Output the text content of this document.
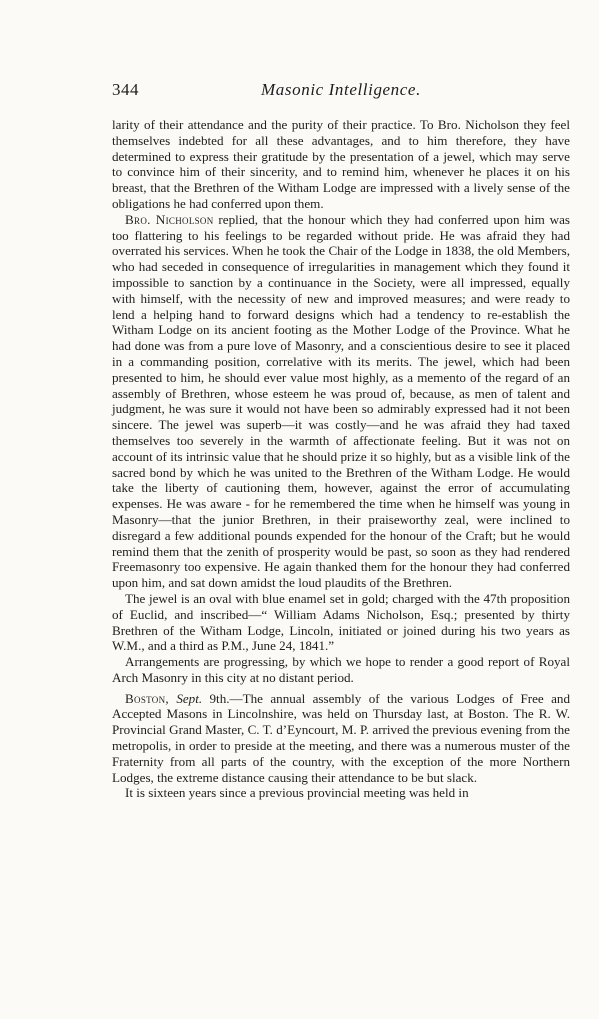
344	Masonic Intelligence.

larity of their attendance and the purity of their practice. To Bro. Nicholson they feel themselves indebted for all these advantages, and to him therefore, they have determined to express their gratitude by the presentation of a jewel, which may serve to convince him of their sincerity, and to remind him, whenever he places it on his breast, that the Brethren of the Witham Lodge are impressed with a lively sense of the obligations he had conferred upon them.

Bro. Nicholson replied, that the honour which they had conferred upon him was too flattering to his feelings to be regarded without pride. He was afraid they had overrated his services. When he took the Chair of the Lodge in 1838, the old Members, who had seceded in consequence of irregularities in management which they found it impossible to sanction by a continuance in the Society, were all impressed, equally with himself, with the necessity of new and improved measures; and were ready to lend a helping hand to forward designs which had a tendency to re-establish the Witham Lodge on its ancient footing as the Mother Lodge of the Province. What he had done was from a pure love of Masonry, and a conscientious desire to see it placed in a commanding position, correlative with its merits. The jewel, which had been presented to him, he should ever value most highly, as a memento of the regard of an assembly of Brethren, whose esteem he was proud of, because, as men of talent and judgment, he was sure it would not have been so admirably expressed had it not been sincere. The jewel was superb—it was costly—and he was afraid they had taxed themselves too severely in the warmth of affectionate feeling. But it was not on account of its intrinsic value that he should prize it so highly, but as a visible link of the sacred bond by which he was united to the Brethren of the Witham Lodge. He would take the liberty of cautioning them, however, against the error of accumulating expenses. He was aware - for he remembered the time when he himself was young in Masonry—that the junior Brethren, in their praiseworthy zeal, were inclined to disregard a few additional pounds expended for the honour of the Craft; but he would remind them that the zenith of prosperity would be past, so soon as they had rendered Freemasonry too expensive. He again thanked them for the honour they had conferred upon him, and sat down amidst the loud plaudits of the Brethren.

The jewel is an oval with blue enamel set in gold; charged with the 47th proposition of Euclid, and inscribed—“ William Adams Nicholson, Esq.; presented by thirty Brethren of the Witham Lodge, Lincoln, initiated or joined during his two years as W.M., and a third as P.M., June 24, 1841.”

Arrangements are progressing, by which we hope to render a good report of Royal Arch Masonry in this city at no distant period.

Boston, Sept. 9th.—The annual assembly of the various Lodges of Free and Accepted Masons in Lincolnshire, was held on Thursday last, at Boston. The R. W. Provincial Grand Master, C. T. d’Eyncourt, M. P. arrived the previous evening from the metropolis, in order to preside at the meeting, and there was a numerous muster of the Fraternity from all parts of the country, with the exception of the more Northern Lodges, the extreme distance causing their attendance to be but slack.

It is sixteen years since a previous provincial meeting was held in
